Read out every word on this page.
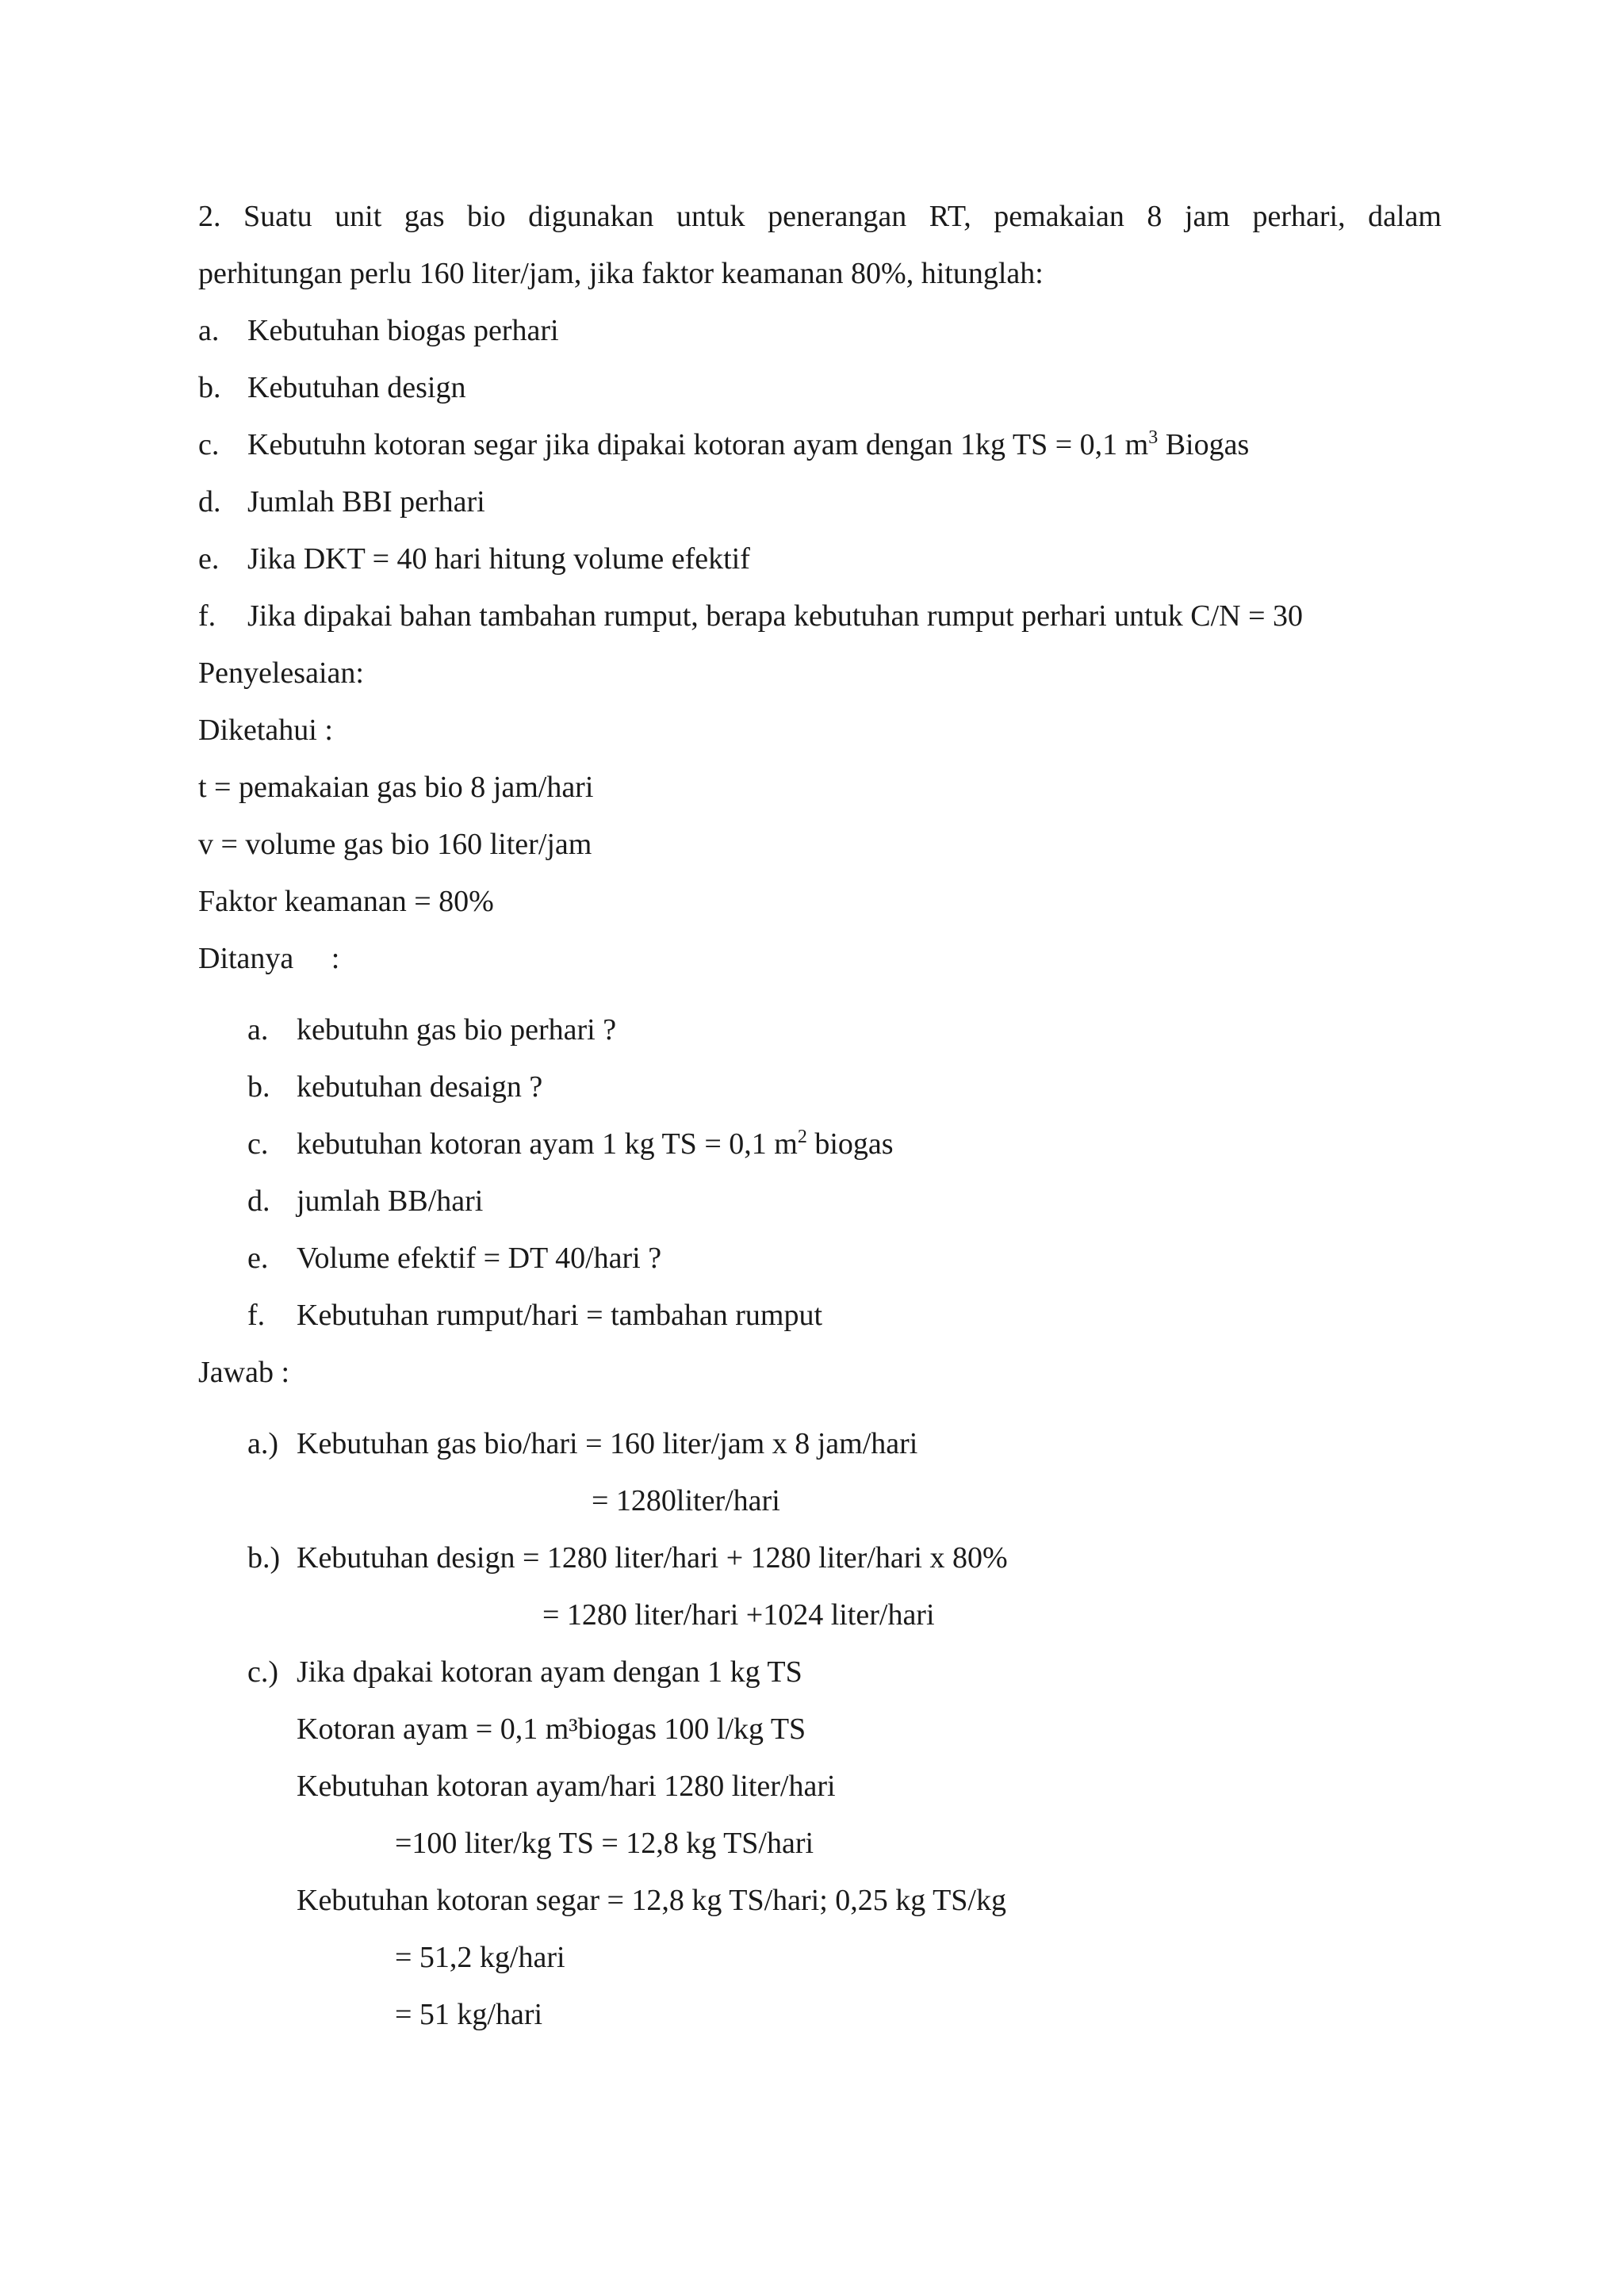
2. Suatu unit gas bio digunakan untuk penerangan RT, pemakaian 8 jam perhari, dalam
perhitungan perlu 160 liter/jam, jika faktor keamanan 80%, hitunglah:
a. Kebutuhan biogas perhari
b. Kebutuhan design
c. Kebutuhn kotoran segar jika dipakai kotoran ayam dengan 1kg TS = 0,1 $m^3$ Biogas
d. Jumlah BBI perhari
e. Jika DKT = 40 hari hitung volume efektif
f. Jika dipakai bahan tambahan rumput, berapa kebutuhan rumput perhari untuk C/N = 30
Penyelesaian:
Diketahui :
t = pemakaian gas bio 8 jam/hari
v = volume gas bio 160 liter/jam
Faktor keamanan = 80%
Ditanya     :
a. kebutuhn gas bio perhari ?
b. kebutuhan desaign ?
c. kebutuhan kotoran ayam 1 kg TS = 0,1 $m^2$ biogas
d. jumlah BB/hari
e. Volume efektif = DT 40/hari ?
f. Kebutuhan rumput/hari = tambahan rumput
Jawab :
a.) Kebutuhan gas bio/hari = 160 liter/jam x 8 jam/hari
= 1280liter/hari
b.) Kebutuhan design = 1280 liter/hari + 1280 liter/hari x 80%
= 1280 liter/hari +1024 liter/hari
c.) Jika dpakai kotoran ayam dengan 1 kg TS
Kotoran ayam = 0,1 m³biogas 100 l/kg TS
Kebutuhan kotoran ayam/hari 1280 liter/hari
=100 liter/kg TS = 12,8 kg TS/hari
Kebutuhan kotoran segar = 12,8 kg TS/hari; 0,25 kg TS/kg
= 51,2 kg/hari
= 51 kg/hari
